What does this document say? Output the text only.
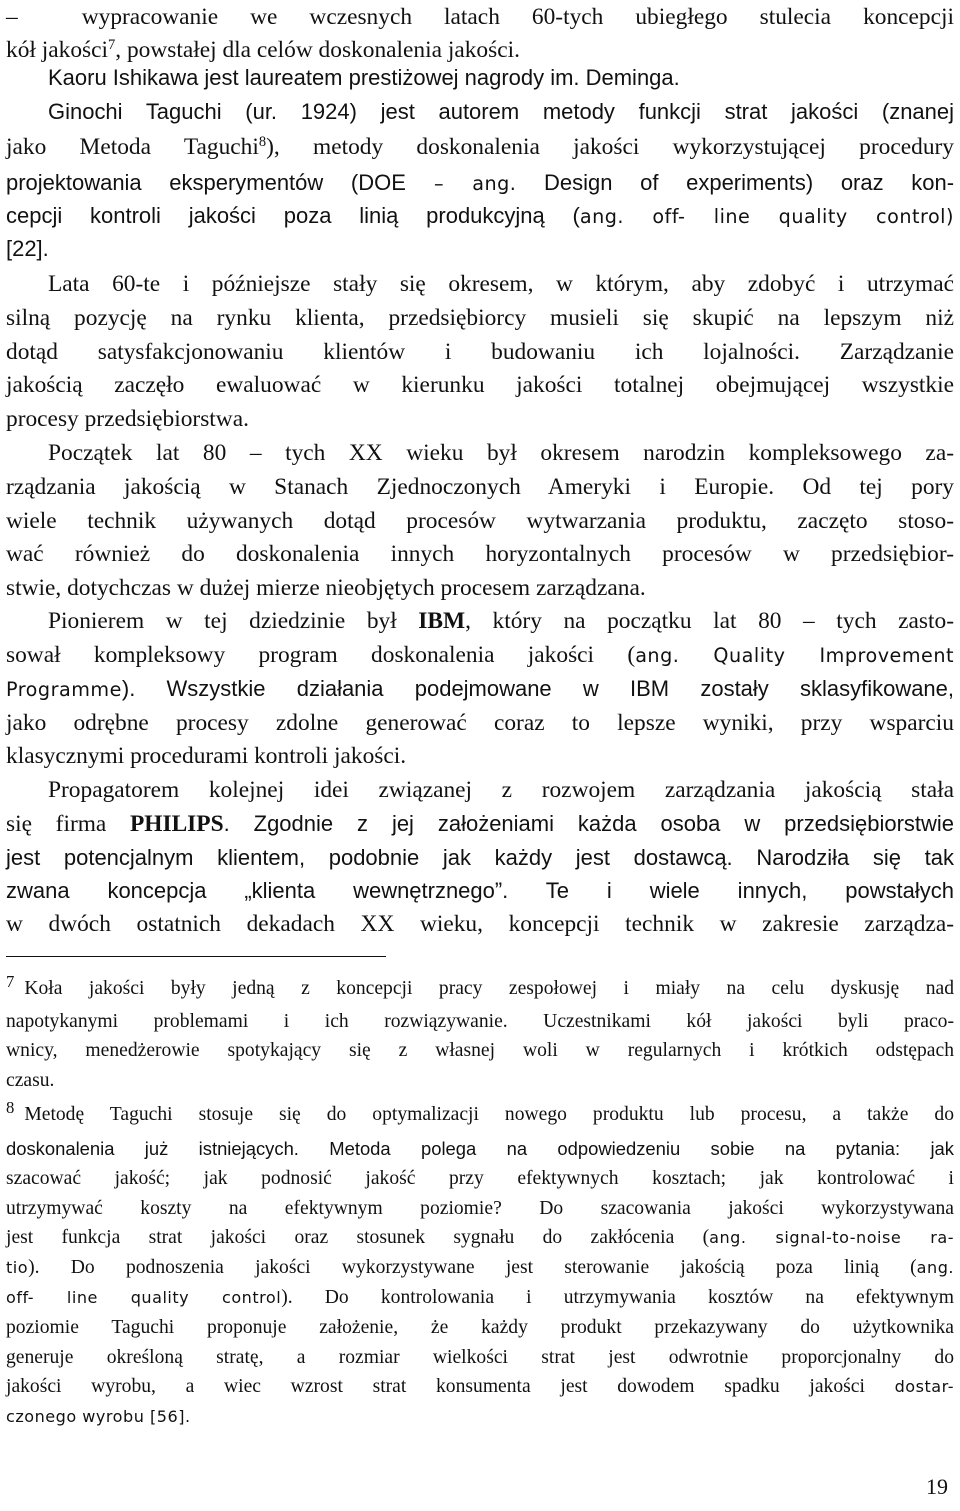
–  wypracowanie we wczesnych latach 60-tych ubiegłego stulecia koncepcji
kół jakości$^7$, powstałej dla celów doskonalenia jakości.
Kaoru Ishikawa jest laureatem prestiżowej nagrody im. Deminga.
Ginochi Taguchi (ur. 1924) jest autorem metody funkcji strat jakości (znanej
jako Metoda Taguchi$^8$), metody doskonalenia jakości wykorzystującej procedury
projektowania eksperymentów (DOE – ang. Design of experiments) oraz kon-
cepcji kontroli jakości poza linią produkcyjną (ang. off- line quality control)
[22].
Lata 60-te i późniejsze stały się okresem, w którym, aby zdobyć i utrzymać
silną pozycję na rynku klienta, przedsiębiorcy musieli się skupić na lepszym niż
dotąd satysfakcjonowaniu klientów i budowaniu ich lojalności. Zarządzanie
jakością zaczęło ewaluować w kierunku jakości totalnej obejmującej wszystkie
procesy przedsiębiorstwa.
Początek lat 80 – tych XX wieku był okresem narodzin kompleksowego za-
rządzania jakością w Stanach Zjednoczonych Ameryki i Europie. Od tej pory
wiele technik używanych dotąd procesów wytwarzania produktu, zaczęto stoso-
wać również do doskonalenia innych horyzontalnych procesów w przedsiębior-
stwie, dotychczas w dużej mierze nieobjętych procesem zarządzana.
Pionierem w tej dziedzinie był IBM, który na początku lat 80 – tych zasto-
sował kompleksowy program doskonalenia jakości (ang. Quality Improvement
Programme). Wszystkie działania podejmowane w IBM zostały sklasyfikowane,
jako odrębne procesy zdolne generować coraz to lepsze wyniki, przy wsparciu
klasycznymi procedurami kontroli jakości.
Propagatorem kolejnej idei związanej z rozwojem zarządzania jakością stała
się firma PHILIPS. Zgodnie z jej założeniami każda osoba w przedsiębiorstwie
jest potencjalnym klientem, podobnie jak każdy jest dostawcą. Narodziła się tak
zwana koncepcja „klienta wewnętrznego”. Te i wiele innych, powstałych
w dwóch ostatnich dekadach XX wieku, koncepcji technik w zakresie zarządza-
$^7$ Koła jakości były jedną z koncepcji pracy zespołowej i miały na celu dyskusję nad
napotykanymi problemami i ich rozwiązywanie. Uczestnikami kół jakości byli praco-
wnicy, menedżerowie spotykający się z własnej woli w regularnych i krótkich odstępach
czasu.
$^8$ Metodę Taguchi stosuje się do optymalizacji nowego produktu lub procesu, a także do
doskonalenia już istniejących. Metoda polega na odpowiedzeniu sobie na pytania: jak
szacować jakość; jak podnosić jakość przy efektywnych kosztach; jak kontrolować i
utrzymywać koszty na efektywnym poziomie? Do szacowania jakości wykorzystywana
jest funkcja strat jakości oraz stosunek sygnału do zakłócenia (ang. signal-to-noise ra-
tio). Do podnoszenia jakości wykorzystywane jest sterowanie jakością poza linią (ang.
off- line quality control). Do kontrolowania i utrzymywania kosztów na efektywnym
poziomie Taguchi proponuje założenie, że każdy produkt przekazywany do użytkownika
generuje określoną stratę, a rozmiar wielkości strat jest odwrotnie proporcjonalny do
jakości wyrobu, a wiec wzrost strat konsumenta jest dowodem spadku jakości dostar-
czonego wyrobu [56].
19
